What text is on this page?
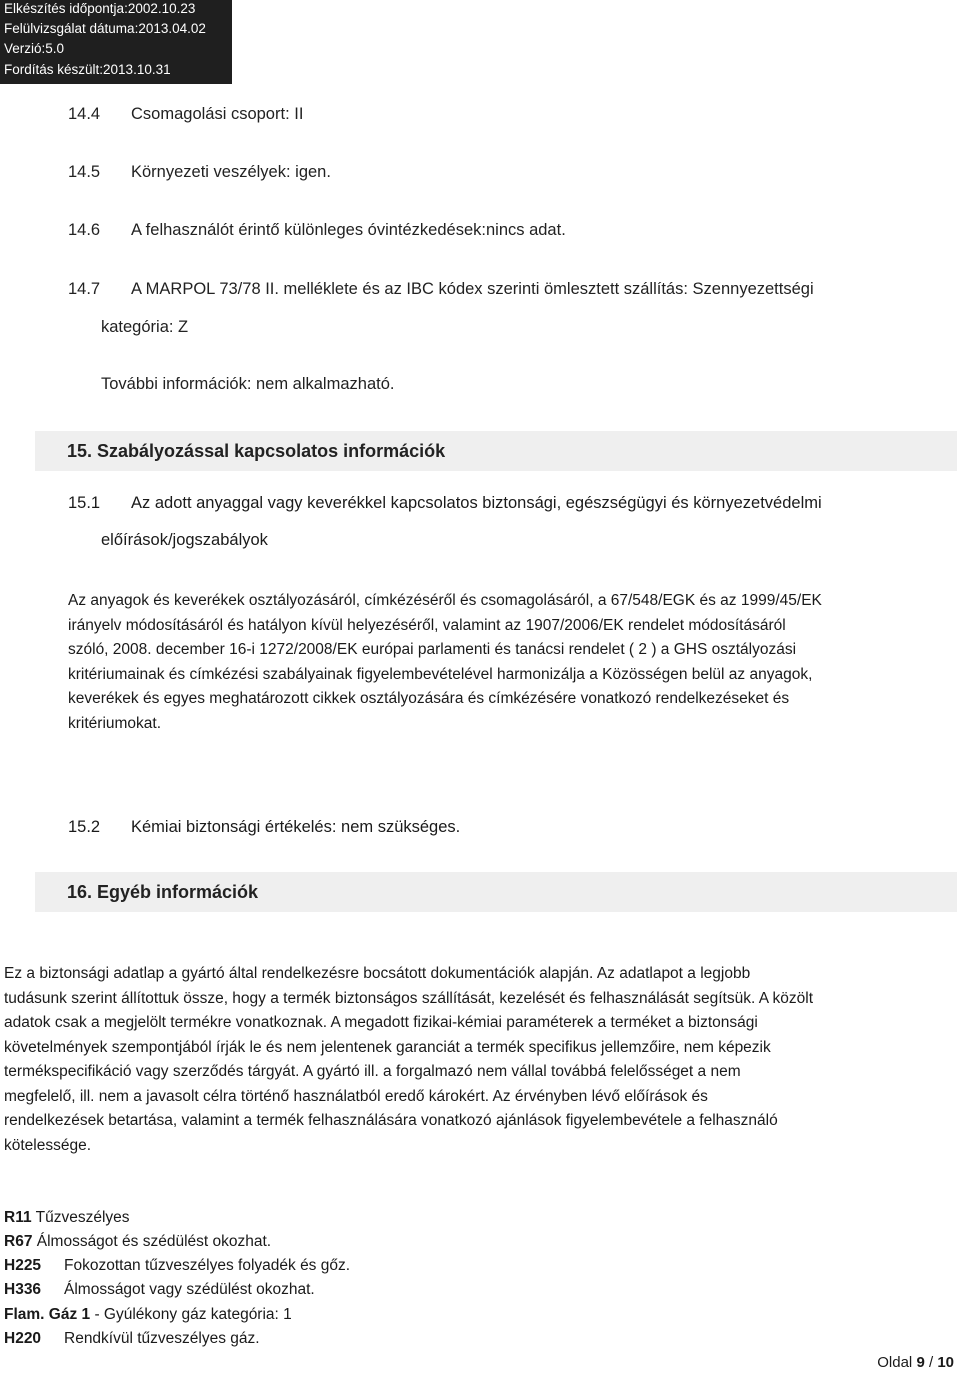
Elkészítés időpontja:2002.10.23
Felülvizsgálat dátuma:2013.04.02
Verzió:5.0
Fordítás készült:2013.10.31
14.4 Csomagolási csoport: II
14.5 Környezeti veszélyek: igen.
14.6 A felhasználót érintő különleges óvintézkedések:nincs adat.
14.7 A MARPOL 73/78 II. melléklete és az IBC kódex szerinti ömlesztett szállítás: Szennyezettségi
kategória: Z
További információk: nem alkalmazható.
15. Szabályozással kapcsolatos információk
15.1 Az adott anyaggal vagy keverékkel kapcsolatos biztonsági, egészségügyi és környezetvédelmi
előírások/jogszabályok
Az anyagok és keverékek osztályozásáról, címkézéséről és csomagolásáról, a 67/548/EGK és az 1999/45/EK
irányelv módosításáról és hatályon kívül helyezéséről, valamint az 1907/2006/EK rendelet módosításáról
szóló, 2008. december 16-i 1272/2008/EK európai parlamenti és tanácsi rendelet ( 2 ) a GHS osztályozási
kritériumainak és címkézési szabályainak figyelembevételével harmonizálja a Közösségen belül az anyagok,
keverékek és egyes meghatározott cikkek osztályozására és címkézésére vonatkozó rendelkezéseket és
kritériumokat.
15.2 Kémiai biztonsági értékelés: nem szükséges.
16. Egyéb információk
Ez a biztonsági adatlap a gyártó által rendelkezésre bocsátott dokumentációk alapján. Az adatlapot a legjobb
tudásunk szerint állítottuk össze, hogy a termék biztonságos szállítását, kezelését és felhasználását segítsük. A közölt
adatok csak a megjelölt termékre vonatkoznak. A megadott fizikai-kémiai paraméterek a terméket a biztonsági
követelmények szempontjából írják le és nem jelentenek garanciát a termék specifikus jellemzőire, nem képezik
termékspecifikáció vagy szerződés tárgyát. A gyártó ill. a forgalmazó nem vállal továbbá felelősséget a nem
megfelelő, ill. nem a javasolt célra történő használatból eredő károkért. Az érvényben lévő előírások és
rendelkezések betartása, valamint a termék felhasználására vonatkozó ajánlások figyelembevétele a felhasználó
kötelessége.
R11 Tűzveszélyes
R67 Álmosságot és szédülést okozhat.
H225 Fokozottan tűzveszélyes folyadék és gőz.
H336 Álmosságot vagy szédülést okozhat.
Flam. Gáz 1 - Gyúlékony gáz kategória: 1
H220 Rendkívül tűzveszélyes gáz.
Oldal 9 / 10
